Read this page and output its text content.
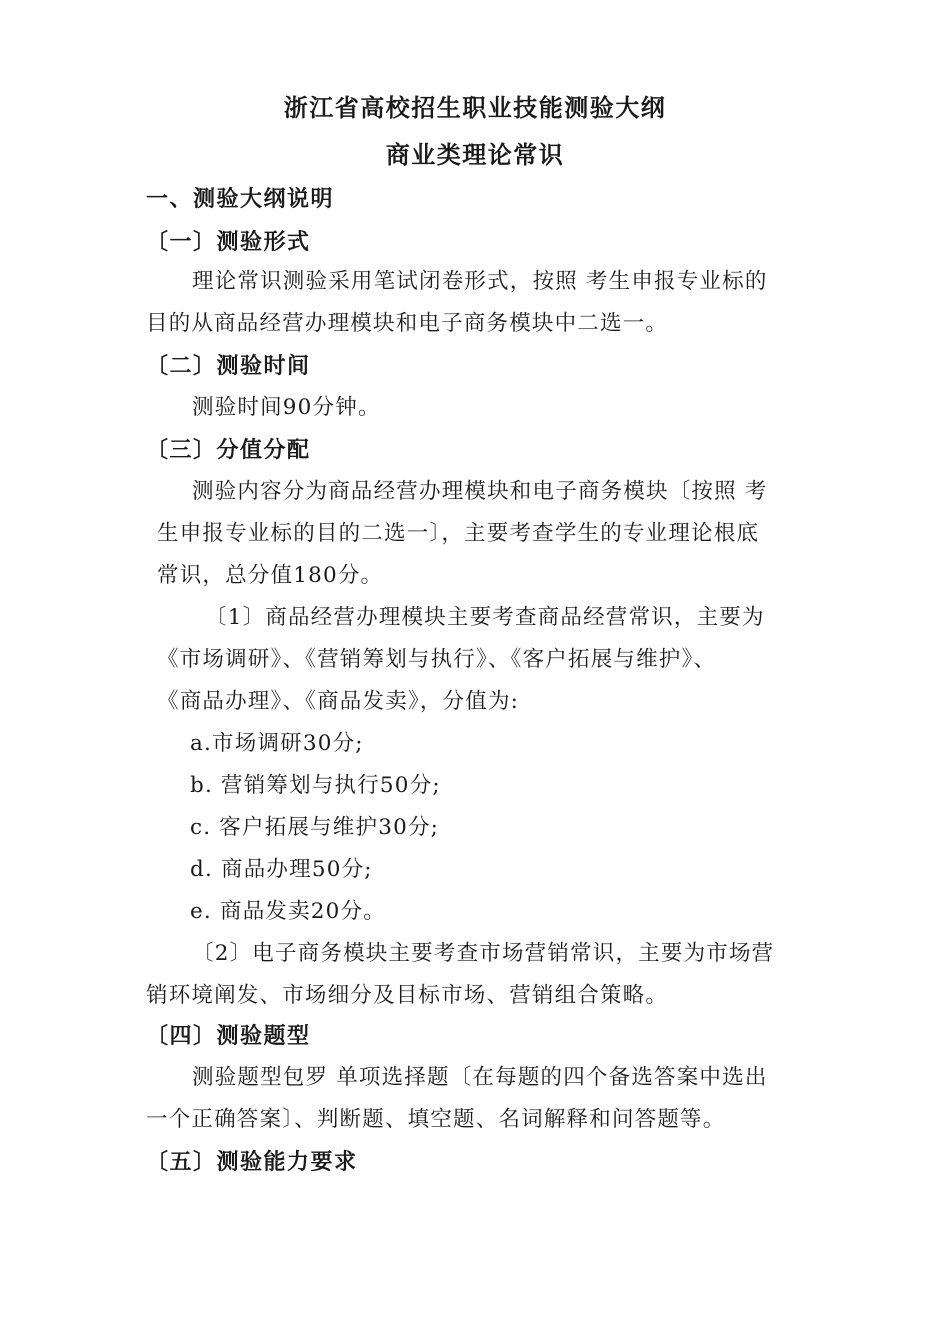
浙江省高校招生职业技能测验大纲
商业类理论常识
一、测验大纲说明
〔一〕测验形式
理论常识测验采用笔试闭卷形式，按照 考生申报专业标的
目的从商品经营办理模块和电子商务模块中二选一。
〔二〕测验时间
测验时间90分钟。
〔三〕分值分配
测验内容分为商品经营办理模块和电子商务模块〔按照 考
生申报专业标的目的二选一〕，主要考查学生的专业理论根底
常识，总分值180分。
〔1〕商品经营办理模块主要考查商品经营常识，主要为
《市场调研》、《营销筹划与执行》、《客户拓展与维护》、
《商品办理》、《商品发卖》，分值为:
a.市场调研30分;
b. 营销筹划与执行50分;
c. 客户拓展与维护30分;
d. 商品办理50分;
e. 商品发卖20分。
〔2〕电子商务模块主要考查市场营销常识，主要为市场营
销环境阐发、市场细分及目标市场、营销组合策略。
〔四〕测验题型
测验题型包罗 单项选择题〔在每题的四个备选答案中选出
一个正确答案〕、判断题、填空题、名词解释和问答题等。
〔五〕测验能力要求
